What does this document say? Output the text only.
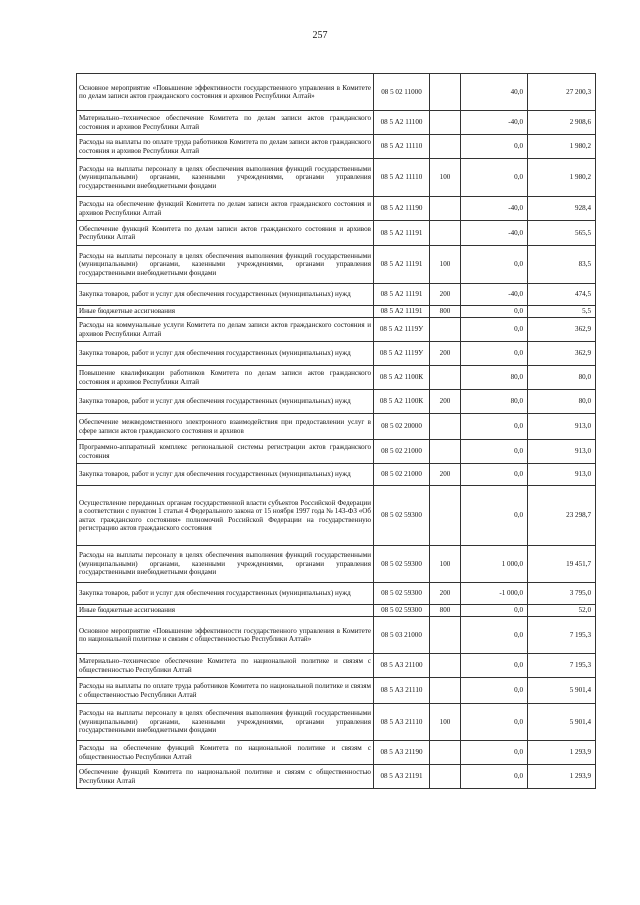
257
Основное мероприятие «Повышение эффективности государственного управления в Комитете по делам записи актов гражданского состояния и архивов Республики Алтай»	08 5 02 11000		40,0	27 200,3
Материально–техническое обеспечение Комитета по делам записи актов гражданского состояния и архивов Республики Алтай	08 5 А2 11100		-40,0	2 908,6
Расходы на выплаты по оплате труда работников Комитета по делам записи актов гражданского состояния и архивов Республики Алтай	08 5 А2 11110		0,0	1 980,2
Расходы на выплаты персоналу в целях обеспечения выполнения функций государственными (муниципальными) органами, казенными учреждениями, органами управления государственными внебюджетными фондами	08 5 А2 11110	100	0,0	1 980,2
Расходы на обеспечение функций Комитета по делам записи актов гражданского состояния и архивов Республики Алтай	08 5 А2 11190		-40,0	928,4
Обеспечение функций Комитета по делам записи актов гражданского состояния и архивов Республики Алтай	08 5 А2 11191		-40,0	565,5
Расходы на выплаты персоналу в целях обеспечения выполнения функций государственными (муниципальными) органами, казенными учреждениями, органами управления государственными внебюджетными фондами	08 5 А2 11191	100	0,0	83,5
Закупка товаров, работ и услуг для обеспечения государственных (муниципальных) нужд	08 5 А2 11191	200	-40,0	474,5
Иные бюджетные ассигнования	08 5 А2 11191	800	0,0	5,5
Расходы на коммунальные услуги Комитета по делам записи актов гражданского состояния и архивов Республики Алтай	08 5 А2 1119У		0,0	362,9
Закупка товаров, работ и услуг для обеспечения государственных (муниципальных) нужд	08 5 А2 1119У	200	0,0	362,9
Повышение квалификации работников Комитета по делам записи актов гражданского состояния и архивов Республики Алтай	08 5 А2 1100К		80,0	80,0
Закупка товаров, работ и услуг для обеспечения государственных (муниципальных) нужд	08 5 А2 1100К	200	80,0	80,0
Обеспечение межведомственного электронного взаимодействия при предоставлении услуг в сфере записи актов гражданского состояния и архивов	08 5 02 20000		0,0	913,0
Программно-аппаратный комплекс региональной системы регистрации актов гражданского состояния	08 5 02 21000		0,0	913,0
Закупка товаров, работ и услуг для обеспечения государственных (муниципальных) нужд	08 5 02 21000	200	0,0	913,0
Осуществление переданных органам государственной власти субъектов Российской Федерации в соответствии с пунктом 1 статьи 4 Федерального закона от 15 ноября 1997 года № 143-ФЗ «Об актах гражданского состояния» полномочий Российской Федерации на государственную регистрацию актов гражданского состояния	08 5 02 59300		0,0	23 298,7
Расходы на выплаты персоналу в целях обеспечения выполнения функций государственными (муниципальными) органами, казенными учреждениями, органами управления государственными внебюджетными фондами	08 5 02 59300	100	1 000,0	19 451,7
Закупка товаров, работ и услуг для обеспечения государственных (муниципальных) нужд	08 5 02 59300	200	-1 000,0	3 795,0
Иные бюджетные ассигнования	08 5 02 59300	800	0,0	52,0
Основное мероприятие «Повышение эффективности государственного управления в Комитете по национальной политике и связям с общественностью Республики Алтай»	08 5 03 21000		0,0	7 195,3
Материально–техническое обеспечение Комитета по национальной политике и связям с общественностью Республики Алтай	08 5 А3 21100		0,0	7 195,3
Расходы на выплаты по оплате труда работников Комитета по национальной политике и связям с общественностью Республики Алтай	08 5 А3 21110		0,0	5 901,4
Расходы на выплаты персоналу в целях обеспечения выполнения функций государственными (муниципальными) органами, казенными учреждениями, органами управления государственными внебюджетными фондами	08 5 А3 21110	100	0,0	5 901,4
Расходы на обеспечение функций Комитета по национальной политике и связям с общественностью Республики Алтай	08 5 А3 21190		0,0	1 293,9
Обеспечение функций Комитета по национальной политике и связям с общественностью Республики Алтай	08 5 А3 21191		0,0	1 293,9
